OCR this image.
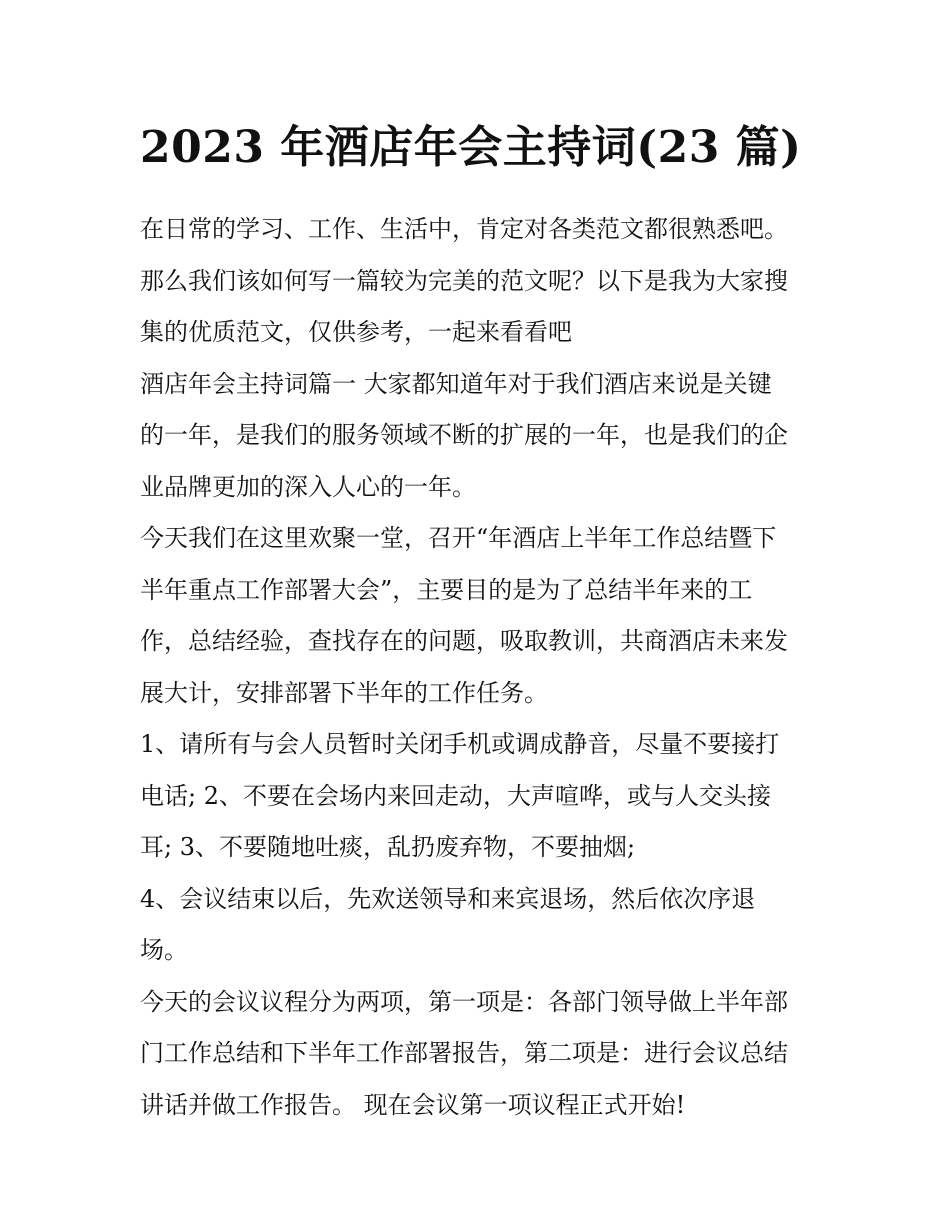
2023 年酒店年会主持词(23 篇)

在日常的学习、工作、生活中，肯定对各类范文都很熟悉吧。
那么我们该如何写一篇较为完美的范文呢？以下是我为大家搜
集的优质范文，仅供参考，一起来看看吧

酒店年会主持词篇一 大家都知道年对于我们酒店来说是关键
的一年，是我们的服务领域不断的扩展的一年，也是我们的企
业品牌更加的深入人心的一年。

今天我们在这里欢聚一堂，召开“年酒店上半年工作总结暨下
半年重点工作部署大会”，主要目的是为了总结半年来的工
作，总结经验，查找存在的问题，吸取教训，共商酒店未来发
展大计，安排部署下半年的工作任务。

1、请所有与会人员暂时关闭手机或调成静音，尽量不要接打
电话; 2、不要在会场内来回走动，大声喧哗，或与人交头接
耳; 3、不要随地吐痰，乱扔废弃物，不要抽烟;

4、会议结束以后，先欢送领导和来宾退场，然后依次序退
场。

今天的会议议程分为两项，第一项是：各部门领导做上半年部
门工作总结和下半年工作部署报告，第二项是：进行会议总结
讲话并做工作报告。 现在会议第一项议程正式开始!
